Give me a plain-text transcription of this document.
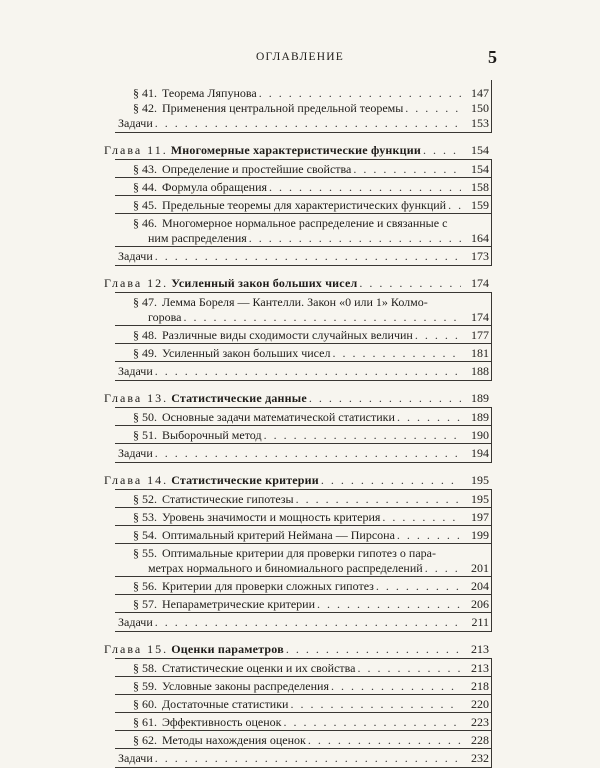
ОГЛАВЛЕНИЕ	5
§ 41. Теорема Ляпунова . . .	147
§ 42. Применения центральной предельной теоремы . . .	150
Задачи . . .	153
Глава 11. Многомерные характеристические функции . . .	154
§ 43. Определение и простейшие свойства . . .	154
§ 44. Формула обращения . . .	158
§ 45. Предельные теоремы для характеристических функций . . .	159
§ 46. Многомерное нормальное распределение и связанные с
ним распределения . . .	164
Задачи . . .	173
Глава 12. Усиленный закон больших чисел . . .	174
§ 47. Лемма Бореля — Кантелли. Закон «0 или 1» Колмо-
горова . . .	174
§ 48. Различные виды сходимости случайных величин . . .	177
§ 49. Усиленный закон больших чисел . . .	181
Задачи . . .	188
Глава 13. Статистические данные . . .	189
§ 50. Основные задачи математической статистики . . .	189
§ 51. Выборочный метод . . .	190
Задачи . . .	194
Глава 14. Статистические критерии . . .	195
§ 52. Статистические гипотезы . . .	195
§ 53. Уровень значимости и мощность критерия . . .	197
§ 54. Оптимальный критерий Неймана — Пирсона . . .	199
§ 55. Оптимальные критерии для проверки гипотез о пара-
метрах нормального и биномиального распределений . . .	201
§ 56. Критерии для проверки сложных гипотез . . .	204
§ 57. Непараметрические критерии . . .	206
Задачи . . .	211
Глава 15. Оценки параметров . . .	213
§ 58. Статистические оценки и их свойства . . .	213
§ 59. Условные законы распределения . . .	218
§ 60. Достаточные статистики . . .	220
§ 61. Эффективность оценок . . .	223
§ 62. Методы нахождения оценок . . .	228
Задачи . . .	232
